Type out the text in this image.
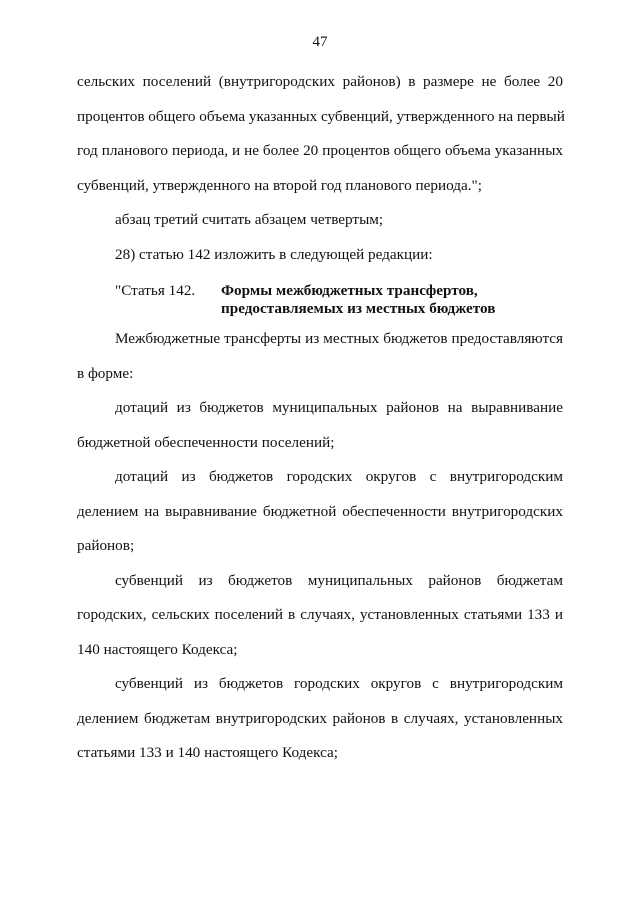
47

сельских поселений (внутригородских районов) в размере не более 20
процентов общего объема указанных субвенций, утвержденного на первый
год планового периода, и не более 20 процентов общего объема указанных
субвенций, утвержденного на второй год планового периода.";

абзац третий считать абзацем четвертым;

28) статью 142 изложить в следующей редакции:

"Статья 142.	Формы межбюджетных трансфертов,
предоставляемых из местных бюджетов

Межбюджетные трансферты из местных бюджетов предоставляются
в форме:

дотаций из бюджетов муниципальных районов на выравнивание
бюджетной обеспеченности поселений;

дотаций из бюджетов городских округов с внутригородским
делением на выравнивание бюджетной обеспеченности внутригородских
районов;

субвенций из бюджетов муниципальных районов бюджетам
городских, сельских поселений в случаях, установленных статьями 133 и
140 настоящего Кодекса;

субвенций из бюджетов городских округов с внутригородским
делением бюджетам внутригородских районов в случаях, установленных
статьями 133 и 140 настоящего Кодекса;
